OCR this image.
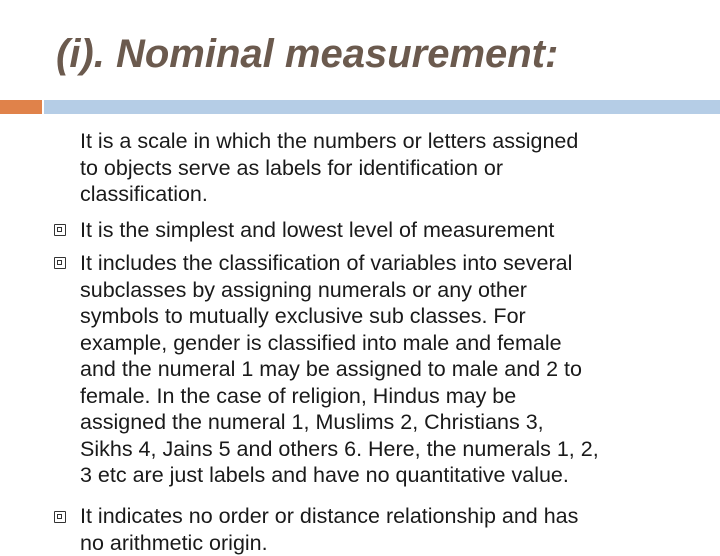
(i). Nominal measurement:

It is a scale in which the numbers or letters assigned
to objects serve as labels for identification or
classification.

It is the simplest and lowest level of measurement

It includes the classification of variables into several
subclasses by assigning numerals or any other
symbols to mutually exclusive sub classes. For
example, gender is classified into male and female
and the numeral 1 may be assigned to male and 2 to
female. In the case of religion, Hindus may be
assigned the numeral 1, Muslims 2, Christians 3,
Sikhs 4, Jains 5 and others 6. Here, the numerals 1, 2,
3 etc are just labels and have no quantitative value.

It indicates no order or distance relationship and has
no arithmetic origin.
